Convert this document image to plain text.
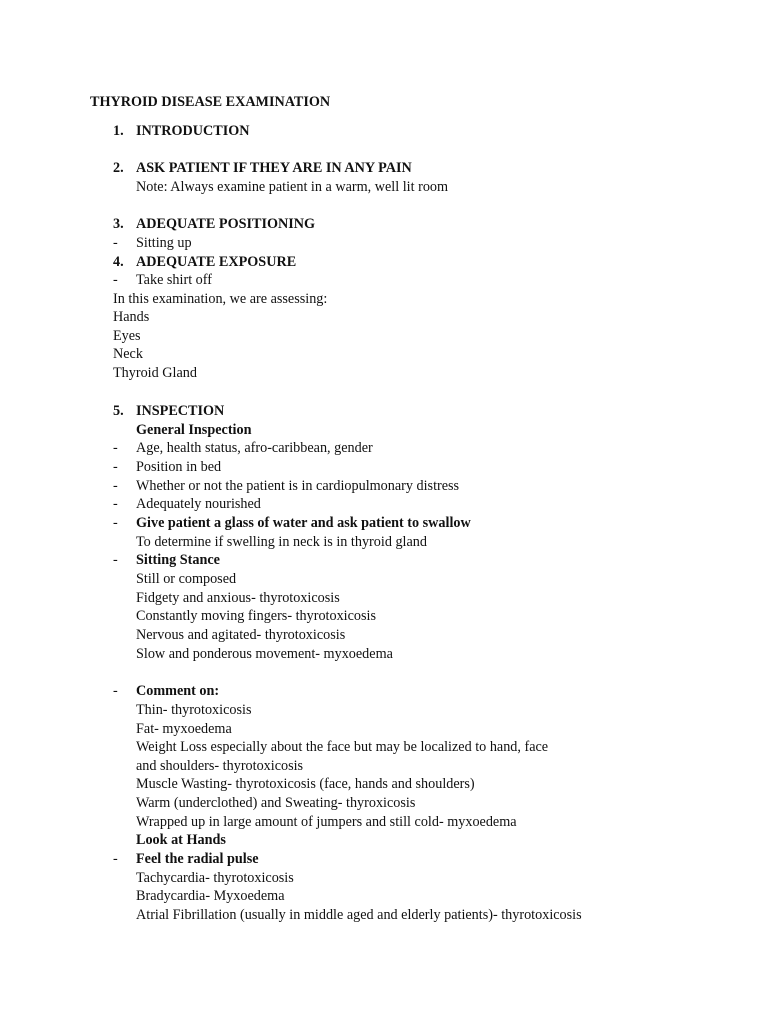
THYROID DISEASE EXAMINATION
1. INTRODUCTION
2. ASK PATIENT IF THEY ARE IN ANY PAIN
Note: Always examine patient in a warm, well lit room
3. ADEQUATE POSITIONING
- Sitting up
4. ADEQUATE EXPOSURE
- Take shirt off
In this examination, we are assessing:
Hands
Eyes
Neck
Thyroid Gland
5. INSPECTION
General Inspection
- Age, health status, afro-caribbean, gender
- Position in bed
- Whether or not the patient is in cardiopulmonary distress
- Adequately nourished
- Give patient a glass of water and ask patient to swallow
To determine if swelling in neck is in thyroid gland
- Sitting Stance
Still or composed
Fidgety and anxious- thyrotoxicosis
Constantly moving fingers- thyrotoxicosis
Nervous and agitated- thyrotoxicosis
Slow and ponderous movement- myxoedema
- Comment on:
Thin- thyrotoxicosis
Fat- myxoedema
Weight Loss especially about the face but may be localized to hand, face
and shoulders- thyrotoxicosis
Muscle Wasting- thyrotoxicosis (face, hands and shoulders)
Warm (underclothed) and Sweating- thyroxicosis
Wrapped up in large amount of jumpers and still cold- myxoedema
Look at Hands
- Feel the radial pulse
Tachycardia- thyrotoxicosis
Bradycardia- Myxoedema
Atrial Fibrillation (usually in middle aged and elderly patients)- thyrotoxicosis
